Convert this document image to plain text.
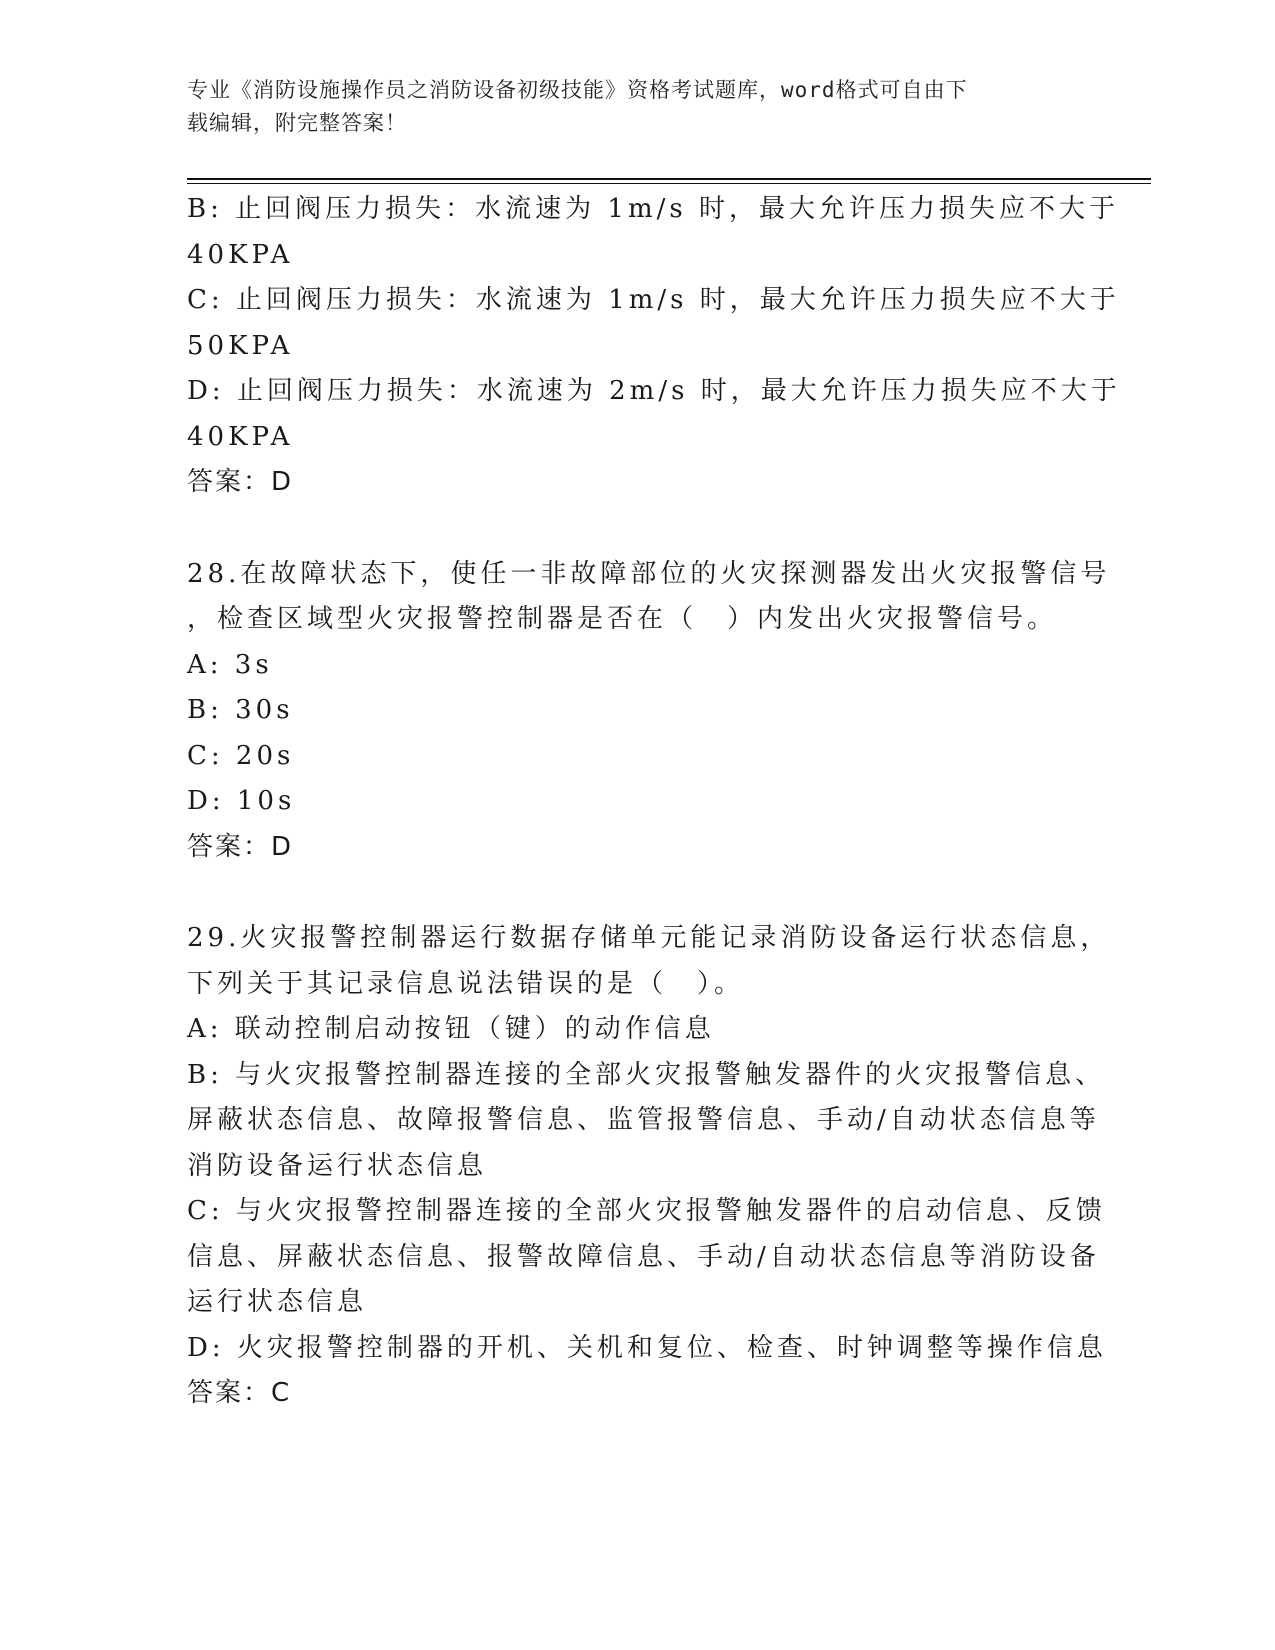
专业《消防设施操作员之消防设备初级技能》资格考试题库，word格式可自由下
载编辑，附完整答案！
B: 止回阀压力损失：水流速为 1m/s 时，最大允许压力损失应不大于
40KPA
C: 止回阀压力损失：水流速为 1m/s 时，最大允许压力损失应不大于
50KPA
D: 止回阀压力损失：水流速为 2m/s 时，最大允许压力损失应不大于
40KPA
答案：D
28.在故障状态下，使任一非故障部位的火灾探测器发出火灾报警信号
，检查区域型火灾报警控制器是否在（　）内发出火灾报警信号。
A: 3s
B: 30s
C: 20s
D: 10s
答案：D
29.火灾报警控制器运行数据存储单元能记录消防设备运行状态信息，
下列关于其记录信息说法错误的是（　）。
A: 联动控制启动按钮（键）的动作信息
B: 与火灾报警控制器连接的全部火灾报警触发器件的火灾报警信息、
屏蔽状态信息、故障报警信息、监管报警信息、手动/自动状态信息等
消防设备运行状态信息
C: 与火灾报警控制器连接的全部火灾报警触发器件的启动信息、反馈
信息、屏蔽状态信息、报警故障信息、手动/自动状态信息等消防设备
运行状态信息
D: 火灾报警控制器的开机、关机和复位、检查、时钟调整等操作信息
答案：C
